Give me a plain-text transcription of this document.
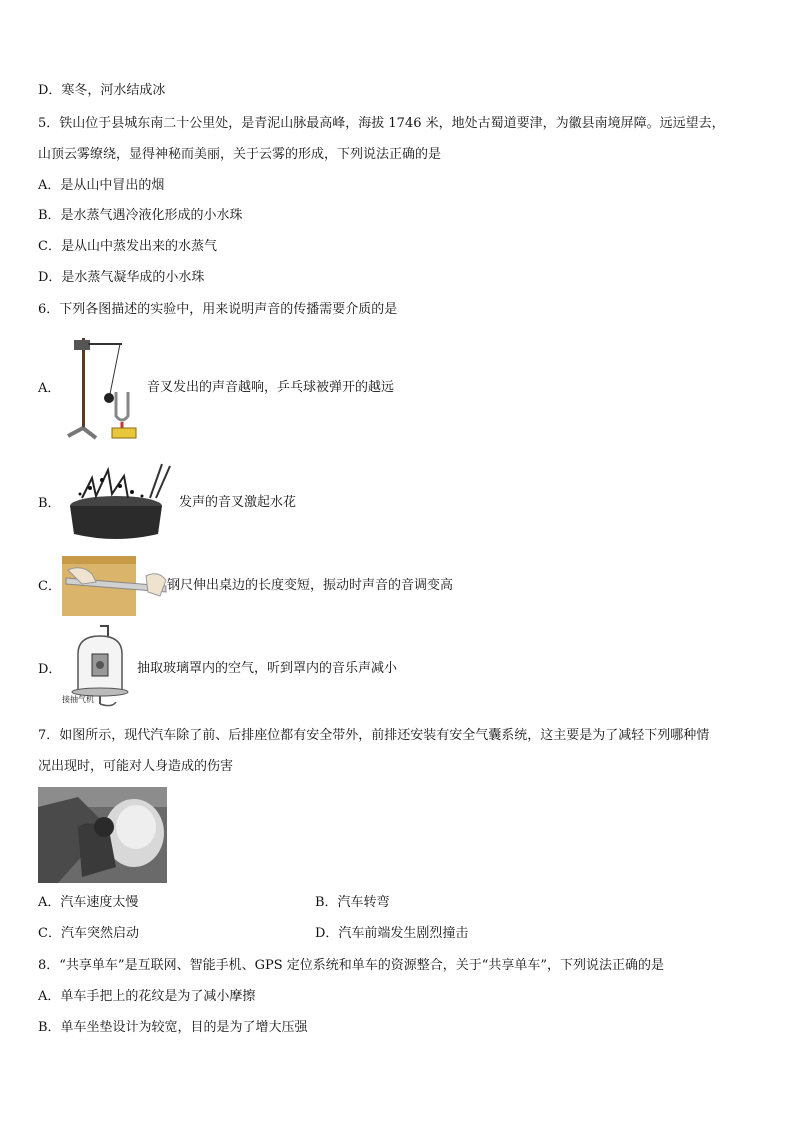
D．寒冬，河水结成冰
5．铁山位于县城东南二十公里处，是青泥山脉最高峰，海拔 1746 米，地处古蜀道要津，为徽县南境屏障。远远望去，
山顶云雾缭绕，显得神秘而美丽，关于云雾的形成，下列说法正确的是
A．是从山中冒出的烟
B．是水蒸气遇冷液化形成的小水珠
C．是从山中蒸发出来的水蒸气
D．是水蒸气凝华成的小水珠
6．下列各图描述的实验中，用来说明声音的传播需要介质的是
A．	音叉发出的声音越响，乒乓球被弹开的越远
B．	发声的音叉激起水花
C．	钢尺伸出桌边的长度变短，振动时声音的音调变高
D．
接抽气机
抽取玻璃罩内的空气，听到罩内的音乐声减小
7．如图所示，现代汽车除了前、后排座位都有安全带外，前排还安装有安全气囊系统，这主要是为了减轻下列哪种情
况出现时，可能对人身造成的伤害
A．汽车速度太慢	B．汽车转弯
C．汽车突然启动	D．汽车前端发生剧烈撞击
8．“共享单车”是互联网、智能手机、GPS 定位系统和单车的资源整合，关于“共享单车”，下列说法正确的是
A．单车手把上的花纹是为了减小摩擦
B．单车坐垫设计为较宽，目的是为了增大压强
